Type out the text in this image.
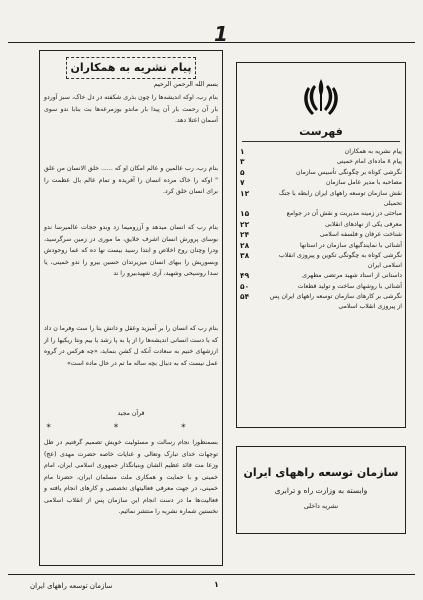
1
پیام نشریه به همکاران
بسم الله الرحمن الرحیم

بنام رب، اوکه اندیشه‌ها را چون بذری شکفته در دل خاک، سبز آوردو بار آن رحمت بار آن پیدا بار ماندو بوزمرعه‌ها بت بنابا ندو سوی آسمان اعتلا دهد.

بنام رب، رب عالمین و عالم امکان او که ...... خلق الانسان من علق " اوکه را خاک مرده انسان را آفریده و تمام عالم بال عظمت را برای انسان خلق کرد.

بنام رب که انسان میدهد و آزرومیما زد وبدو حجات عالمیرسا ندو بوسای پرورش انسان اشرف خلایق، ما موری در زمین سرگرسید، ودرا وچنان روح اخلاص و ابتدا رسید بیست نها ده که عما روحودش وبسوریش را ببهای انسان میزیرتدان حسین بیرو را ندو خمینی، یا سدا روسیحی وشهید، آری شهیدبیرو را ند

بنام رب که انسان را بر آمیزید وعقل و دانش بنا را ست وفرما ن داد که با دست انسانی اندیشه‌ها را از پا به پا رشد یا بیم ونتا ریکیها را از ارزشهای خنیم به سعادت آنکه ل کشن بنماید، «چه هرکس در گروه عمل نیست که به دنبال بچه ساله ما تم در حال ماده است»

* * *

قرآن مجید

بسمنظورا نجام رسالت و مسئولیت خویش تصمیم گرفتیم در ظل توجهات خدای تبارک وتعالی و عنایات خاصه حضرت مهدی (عج) وزعا مت قائد عظیم الشان وبنیانگذار جمهوری اسلامی ایران، امام خمینی و با حمایت و همکاری ملت مسلمان ایران، حضرتا مام خمینی، در جهت معرفی فعالیتهای تخصصی و کارهای انجام یافته و فعالیت‌ها ما در دست انجام این سازمان پس از انقلاب اسلامی نخستین شماره نشریه را منتشر نمائیم.

فهرست
پیام نشریه به همکاران
۱
پیام ۸ ماده‌ای امام خمینی
۳
نگرشی کوتاه بر چگونگی تأسیس سازمان
۵
مصاحبه با مدیر عامل سازمان
۷
نقش سازمان توسعه راههای ایران رابطه با جنگ تحمیلی
۱۲
مباحثی در زمینه مدیریت و نقش آن در جوامع
۱۵
معرفی یکی از نهادهای انقلابی
۲۲
شناخت عرفان و فلسفه اسلامی
۲۴
آشنائی با نمایندگیهای سازمان در استانها
۲۸
نگرشی کوتاه به چگونگی تکوین و پیروزی انقلاب اسلامی ایران
۳۸
داستانی از استاد شهید مرتضی مطهری
۴۹
آشنائی با روشهای ساخت و تولید قطعات
۵۰
نگرشی بر کارهای سازمان توسعه راههای ایران پس از پیروزی انقلاب اسلامی
۵۴
سازمان توسعه راههای ایران
وابسته به وزارت راه و ترابری
نشریه داخلی
سازمان توسعه راههای ایران	۱
